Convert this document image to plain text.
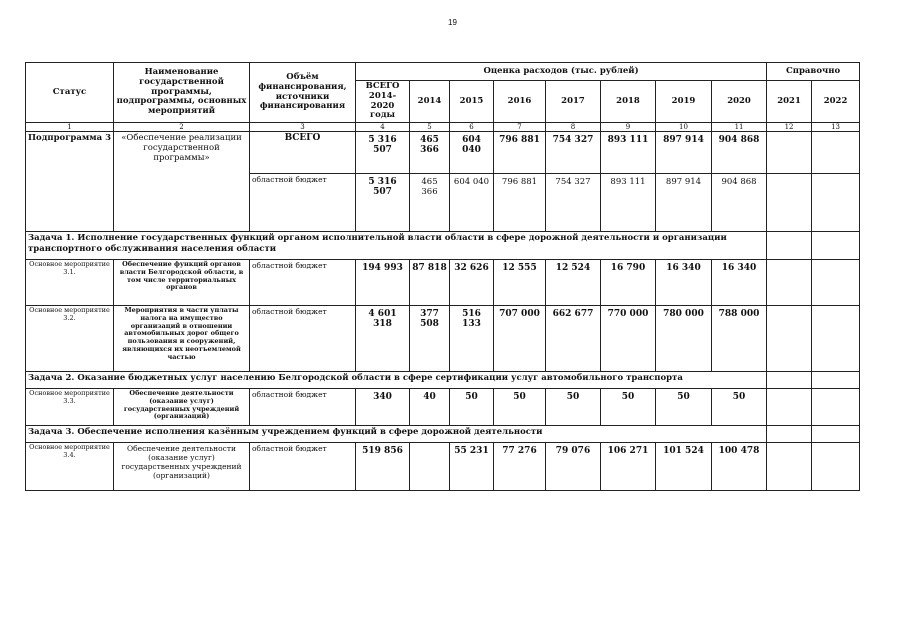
19
Статус	Наименование государственной программы, подпрограммы, основных мероприятий	Объём финансирования, источники финансирования	Оценка расходов (тыс. рублей)								Справочно	
			ВСЕГО 2014-2020 годы	2014	2015	2016	2017	2018	2019	2020	2021	2022
1	2	3	4	5	6	7	8	9	10	11	12	13
Подпрограмма 3	«Обеспечение реализации государственной программы»	ВСЕГО	5 316 507	465 366	604 040	796 881	754 327	893 111	897 914	904 868		
		областной бюджет	5 316 507	465 366	604 040	796 881	754 327	893 111	897 914	904 868		
Задача 1. Исполнение государственных функций органом исполнительной власти области в сфере дорожной деятельности и организации транспортного обслуживания населения области												
Основное мероприятие 3.1.	Обеспечение функций органов власти Белгородской области, в том числе территориальных органов	областной бюджет	194 993	87 818	32 626	12 555	12 524	16 790	16 340	16 340		
Основное мероприятие 3.2.	Мероприятия в части уплаты налога на имущество организаций в отношении автомобильных дорог общего пользования и сооружений, являющихся их неотъемлемой частью	областной бюджет	4 601 318	377 508	516 133	707 000	662 677	770 000	780 000	788 000		
Задача 2. Оказание бюджетных услуг населению Белгородской области в сфере сертификации услуг автомобильного транспорта												
Основное мероприятие 3.3.	Обеспечение деятельности (оказание услуг) государственных учреждений (организаций)	областной бюджет	340	40	50	50	50	50	50	50		
Задача 3. Обеспечение исполнения казённым учреждением функций в сфере дорожной деятельности												
Основное мероприятие 3.4.	Обеспечение деятельности (оказание услуг) государственных учреждений (организаций)	областной бюджет	519 856		55 231	77 276	79 076	106 271	101 524	100 478		
